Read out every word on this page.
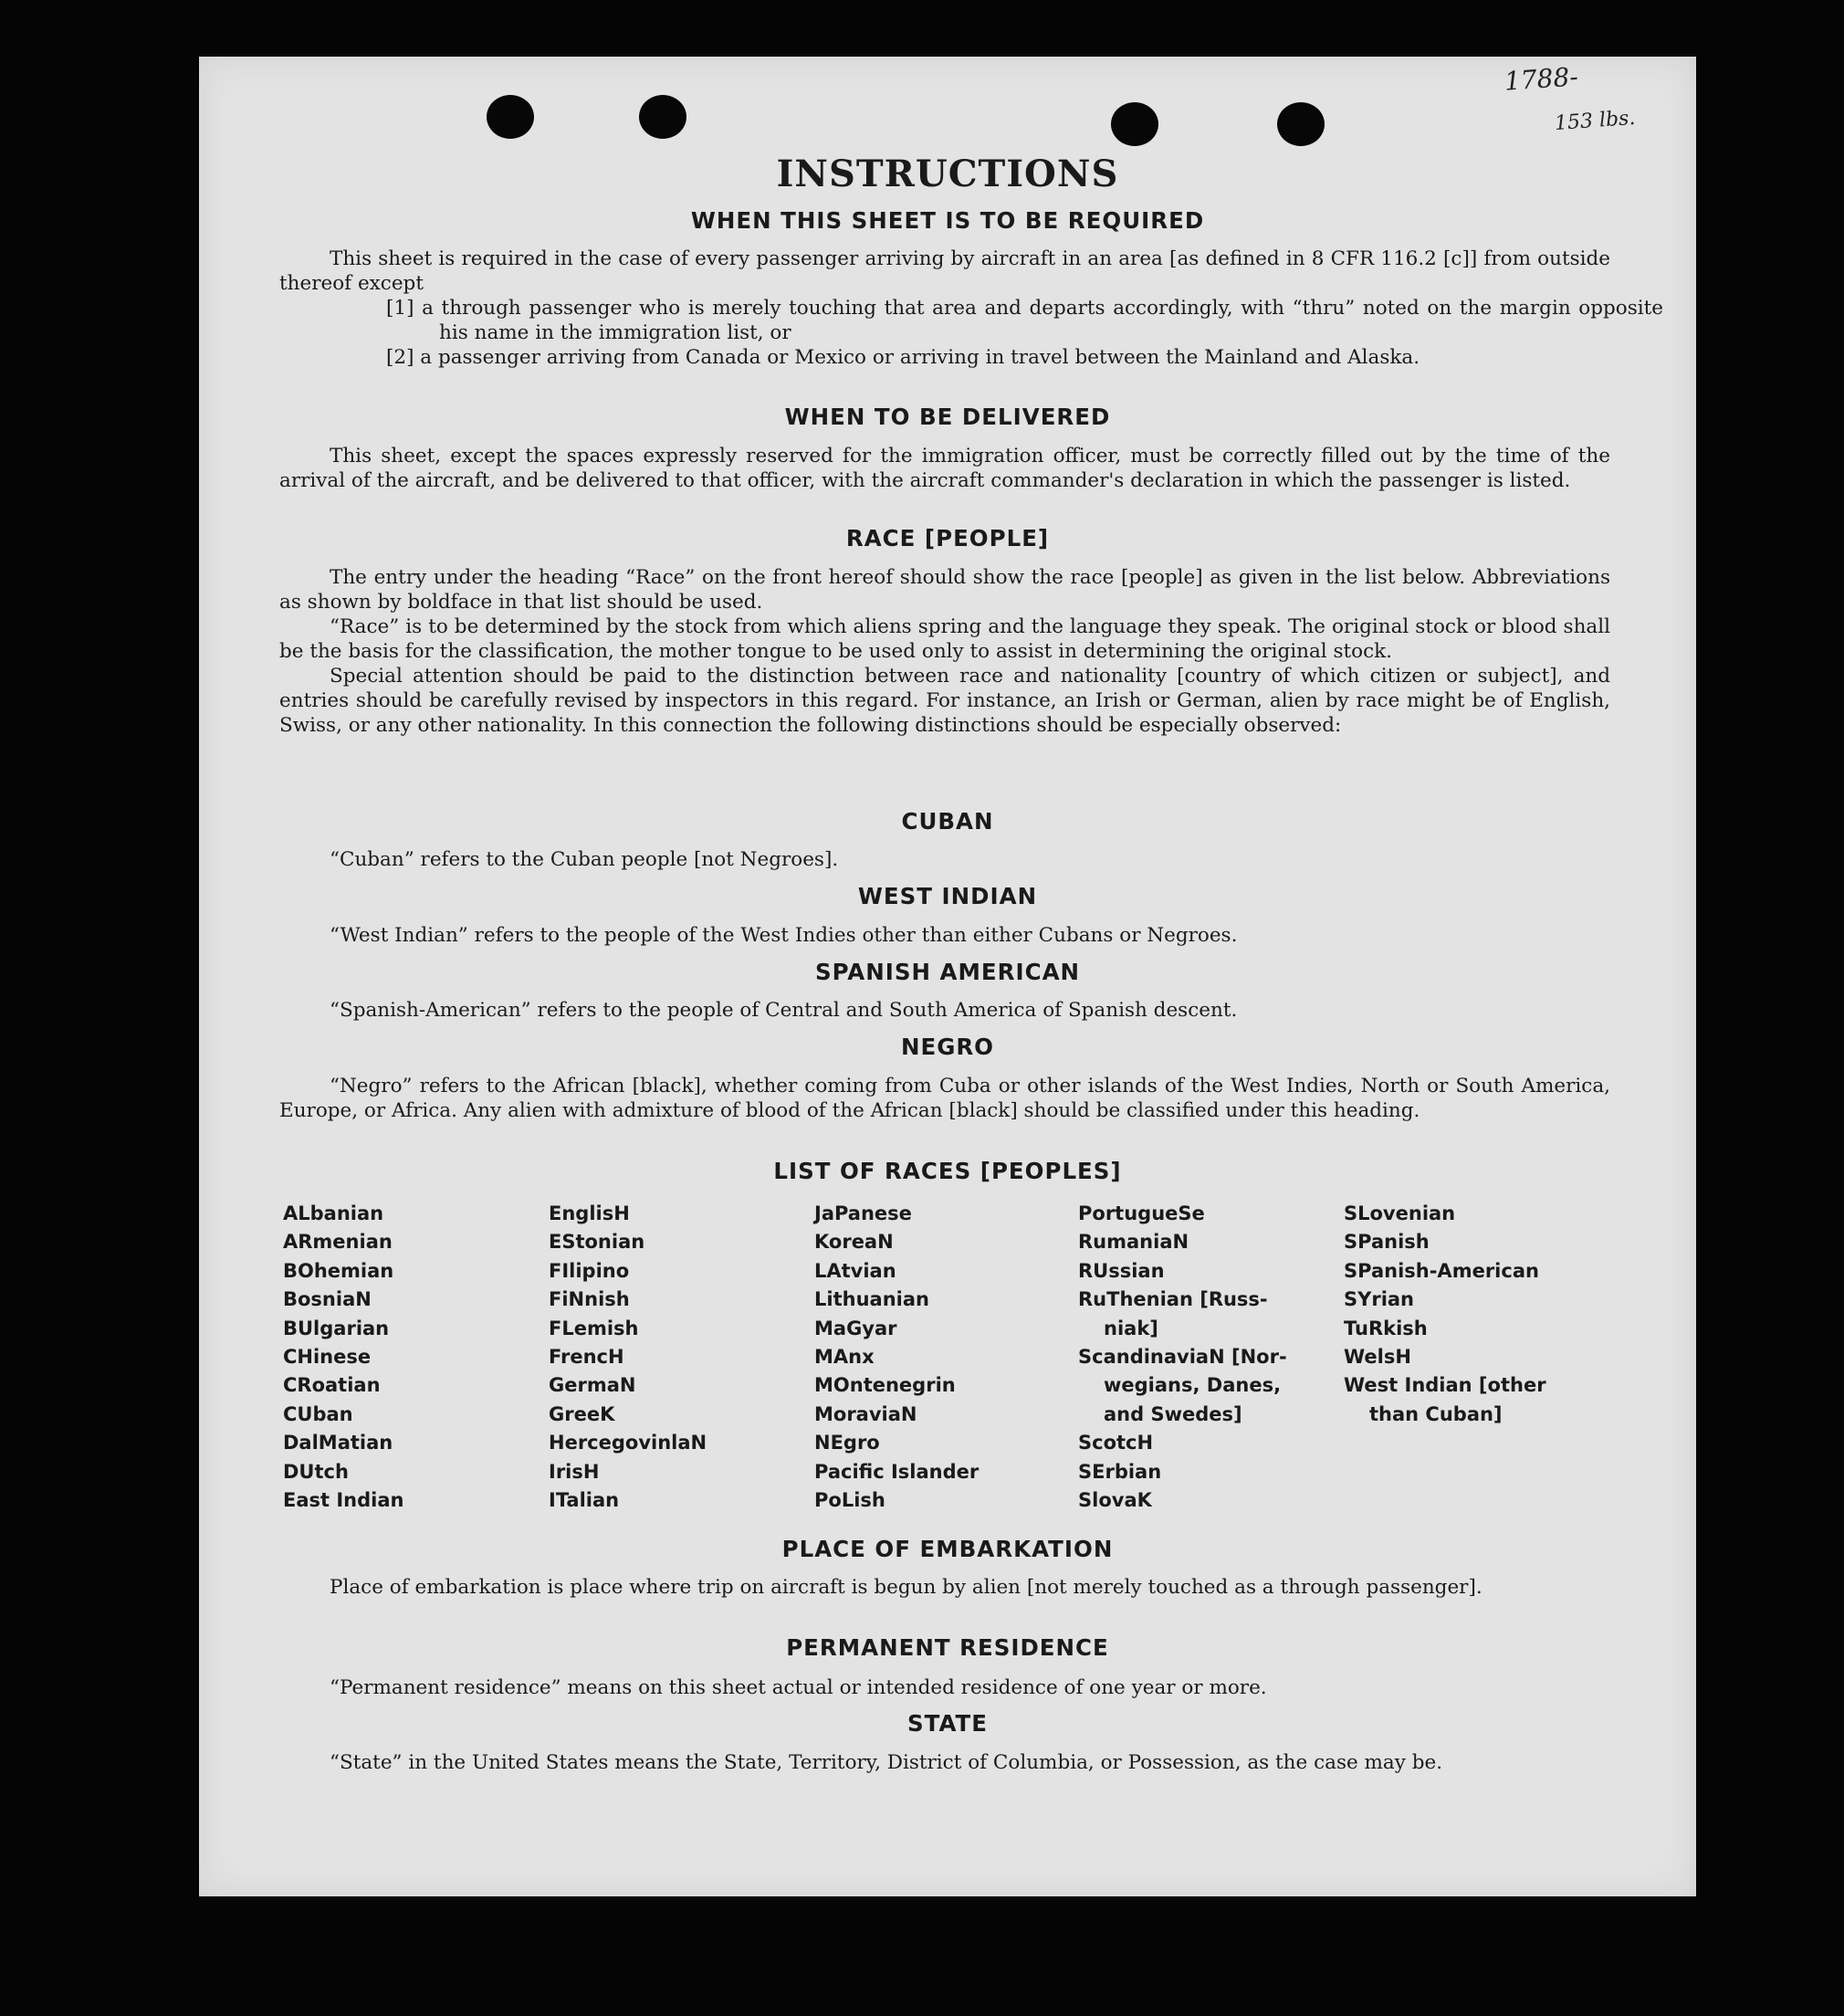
1788-
153 lbs.
INSTRUCTIONS
WHEN THIS SHEET IS TO BE REQUIRED
This sheet is required in the case of every passenger arriving by aircraft in an area [as defined in 8 CFR 116.2 [c]] from outside thereof except
[1] a through passenger who is merely touching that area and departs accordingly, with “thru” noted on the margin opposite his name in the immigration list, or
[2] a passenger arriving from Canada or Mexico or arriving in travel between the Mainland and Alaska.
WHEN TO BE DELIVERED
This sheet, except the spaces expressly reserved for the immigration officer, must be correctly filled out by the time of the arrival of the aircraft, and be delivered to that officer, with the aircraft commander's declaration in which the passenger is listed.
RACE [PEOPLE]
The entry under the heading “Race” on the front hereof should show the race [people] as given in the list below. Abbreviations as shown by boldface in that list should be used.
“Race” is to be determined by the stock from which aliens spring and the language they speak. The original stock or blood shall be the basis for the classification, the mother tongue to be used only to assist in determining the original stock.
Special attention should be paid to the distinction between race and nationality [country of which citizen or subject], and entries should be carefully revised by inspectors in this regard. For instance, an Irish or German, alien by race might be of English, Swiss, or any other nationality. In this connection the following distinctions should be especially observed:
CUBAN
“Cuban” refers to the Cuban people [not Negroes].
WEST INDIAN
“West Indian” refers to the people of the West Indies other than either Cubans or Negroes.
SPANISH AMERICAN
“Spanish-American” refers to the people of Central and South America of Spanish descent.
NEGRO
“Negro” refers to the African [black], whether coming from Cuba or other islands of the West Indies, North or South America, Europe, or Africa. Any alien with admixture of blood of the African [black] should be classified under this heading.
LIST OF RACES [PEOPLES]
ALbanian
ARmenian
BOhemian
BosniaN
BUlgarian
CHinese
CRoatian
CUban
DalMatian
DUtch
East Indian
EnglisH
EStonian
FIlipino
FiNnish
FLemish
FrencH
GermaN
GreeK
HercegovinlaN
IrisH
ITalian
JaPanese
KoreaN
LAtvian
Lithuanian
MaGyar
MAnx
MOntenegrin
MoraviaN
NEgro
Pacific Islander
PoLish
PortugueSe
RumaniaN
RUssian
RuThenian [Russ-
niak]
ScandinaviaN [Nor-
wegians, Danes,
and Swedes]
ScotcH
SErbian
SlovaK
SLovenian
SPanish
SPanish-American
SYrian
TuRkish
WelsH
West Indian [other
than Cuban]
PLACE OF EMBARKATION
Place of embarkation is place where trip on aircraft is begun by alien [not merely touched as a through passenger].
PERMANENT RESIDENCE
“Permanent residence” means on this sheet actual or intended residence of one year or more.
STATE
“State” in the United States means the State, Territory, District of Columbia, or Possession, as the case may be.
